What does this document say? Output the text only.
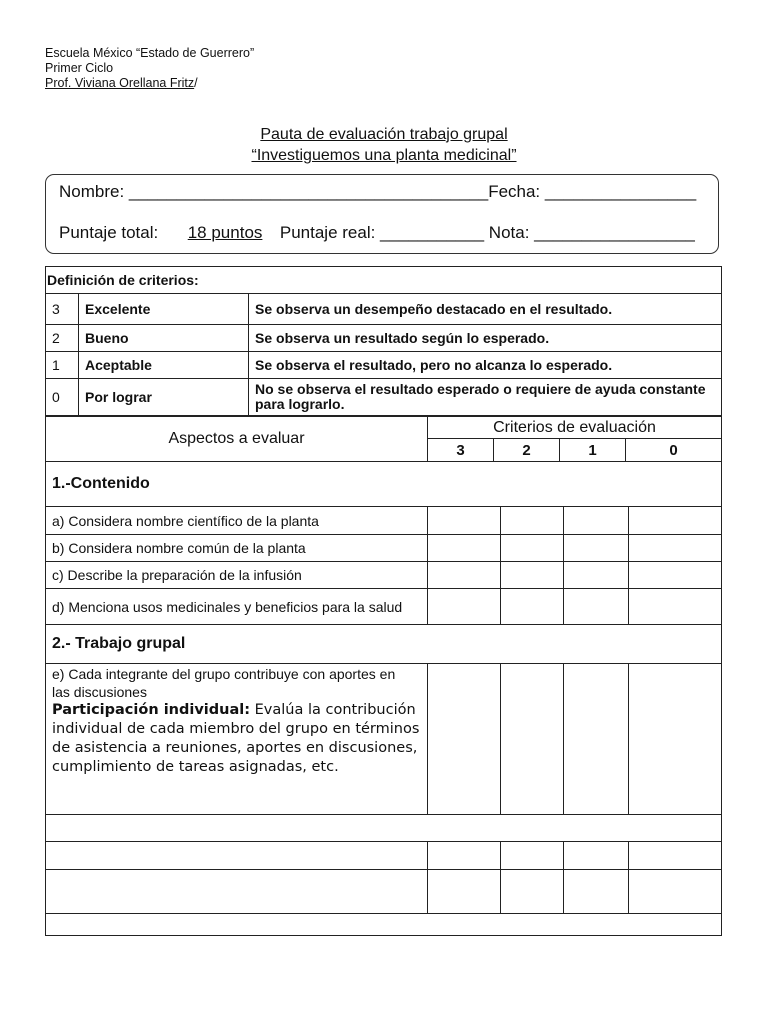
Escuela México “Estado de Guerrero”
Primer Ciclo
Prof. Viviana Orellana Fritz/
Pauta de evaluación trabajo grupal
“Investiguemos una planta medicinal”
Nombre: ______________________________________Fecha: ________________
Puntaje total: 18 puntos Puntaje real: ___________ Nota: _________________
Definición de criterios:		
3	Excelente	Se observa un desempeño destacado en el resultado.
2	Bueno	Se observa un resultado según lo esperado.
1	Aceptable	Se observa el resultado, pero no alcanza lo esperado.
0	Por lograr	No se observa el resultado esperado o requiere de ayuda constante para lograrlo.
Aspectos a evaluar	Criterios de evaluación			
	3	2	1	0
1.-Contenido				
a) Considera nombre científico de la planta				
b) Considera nombre común de la planta				
c) Describe la preparación de la infusión				
d) Menciona usos medicinales y beneficios para la salud				
2.- Trabajo grupal				

e) Cada integrante del grupo contribuye con aportes en las discusiones
Participación individual: Evalúa la contribución individual de cada miembro del grupo en términos de asistencia a reuniones, aportes en discusiones, cumplimiento de tareas asignadas, etc.				
